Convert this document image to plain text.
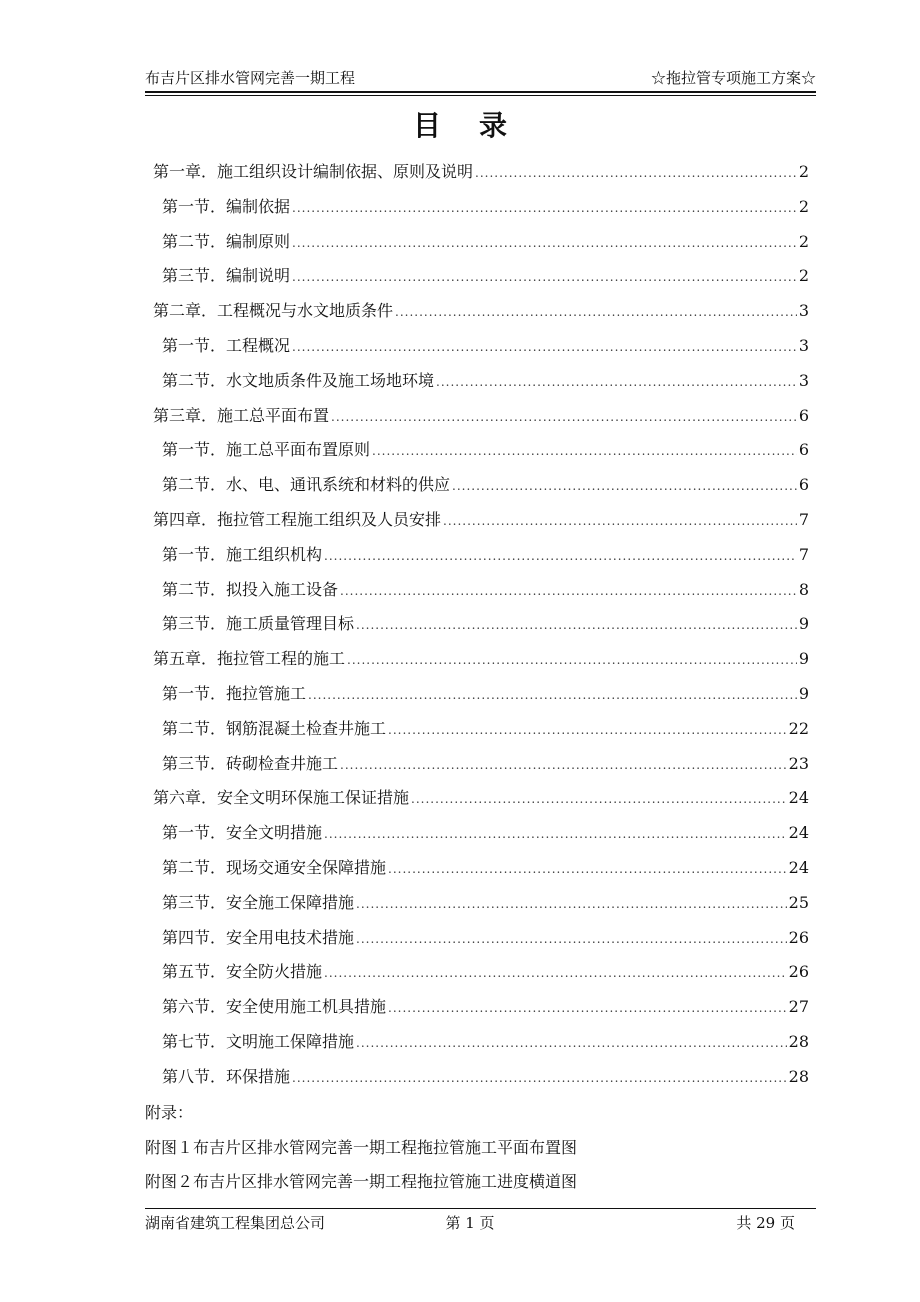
布吉片区排水管网完善一期工程	☆拖拉管专项施工方案☆
目录
第一章．施工组织设计编制依据、原则及说明 .....	2
第一节．编制依据 .....	2
第二节．编制原则 .....	2
第三节．编制说明 .....	2
第二章．工程概况与水文地质条件 .....	3
第一节．工程概况 .....	3
第二节．水文地质条件及施工场地环境 .....	3
第三章．施工总平面布置 .....	6
第一节．施工总平面布置原则 .....	6
第二节．水、电、通讯系统和材料的供应 .....	6
第四章．拖拉管工程施工组织及人员安排 .....	7
第一节．施工组织机构 .....	7
第二节．拟投入施工设备 .....	8
第三节．施工质量管理目标 .....	9
第五章．拖拉管工程的施工 .....	9
第一节．拖拉管施工 .....	9
第二节．钢筋混凝土检查井施工 .....	22
第三节．砖砌检查井施工 .....	23
第六章．安全文明环保施工保证措施 .....	24
第一节．安全文明措施 .....	24
第二节．现场交通安全保障措施 .....	24
第三节．安全施工保障措施 .....	25
第四节．安全用电技术措施 .....	26
第五节．安全防火措施 .....	26
第六节．安全使用施工机具措施 .....	27
第七节．文明施工保障措施 .....	28
第八节．环保措施 .....	28
附录：
附图１布吉片区排水管网完善一期工程拖拉管施工平面布置图
附图２布吉片区排水管网完善一期工程拖拉管施工进度横道图
湖南省建筑工程集团总公司	第 1 页	共 29 页
